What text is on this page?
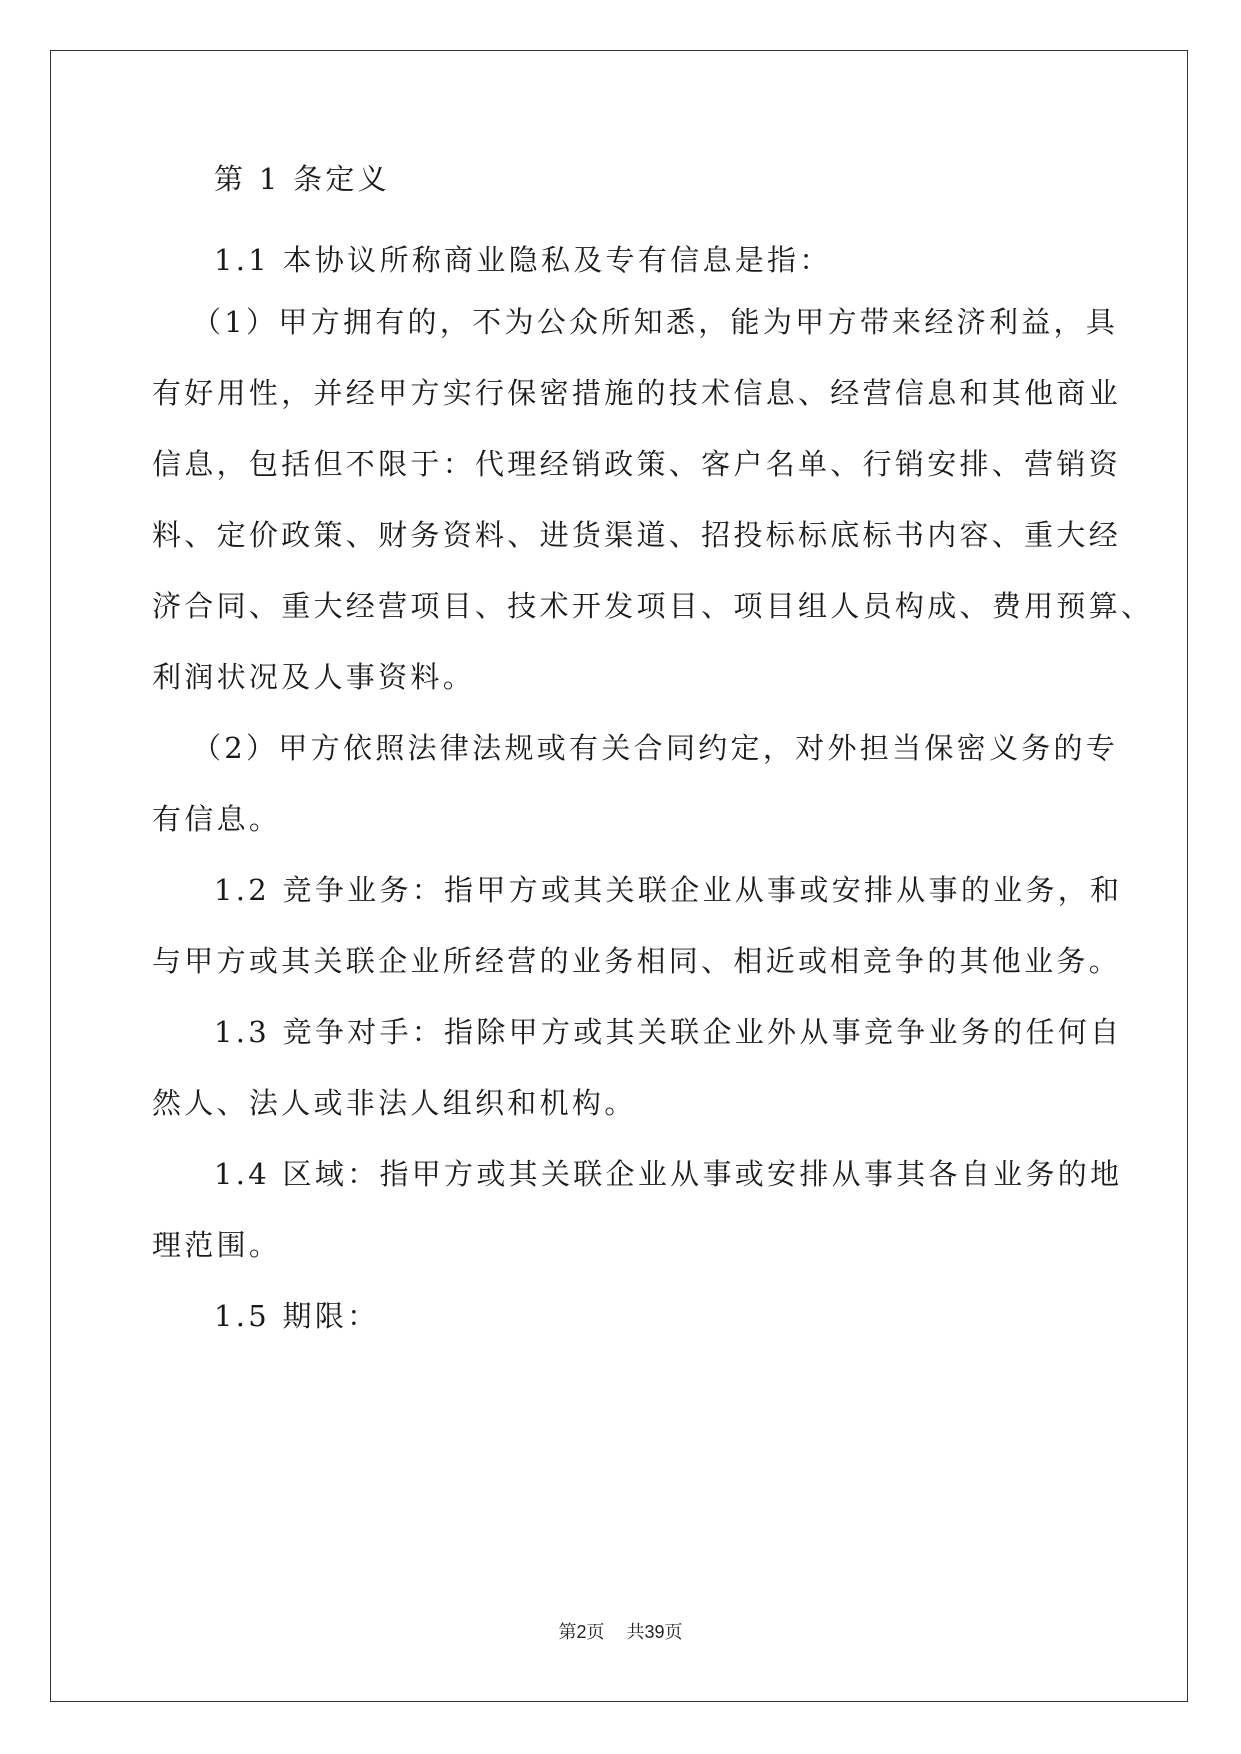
第 1 条定义

1.1 本协议所称商业隐私及专有信息是指：

（1）甲方拥有的，不为公众所知悉，能为甲方带来经济利益，具

有好用性，并经甲方实行保密措施的技术信息、经营信息和其他商业

信息，包括但不限于：代理经销政策、客户名单、行销安排、营销资

料、定价政策、财务资料、进货渠道、招投标标底标书内容、重大经

济合同、重大经营项目、技术开发项目、项目组人员构成、费用预算、

利润状况及人事资料。

（2）甲方依照法律法规或有关合同约定，对外担当保密义务的专

有信息。

1.2 竞争业务：指甲方或其关联企业从事或安排从事的业务，和

与甲方或其关联企业所经营的业务相同、相近或相竞争的其他业务。

1.3 竞争对手：指除甲方或其关联企业外从事竞争业务的任何自

然人、法人或非法人组织和机构。

1.4 区域：指甲方或其关联企业从事或安排从事其各自业务的地

理范围。

1.5 期限：

第2页 共39页
